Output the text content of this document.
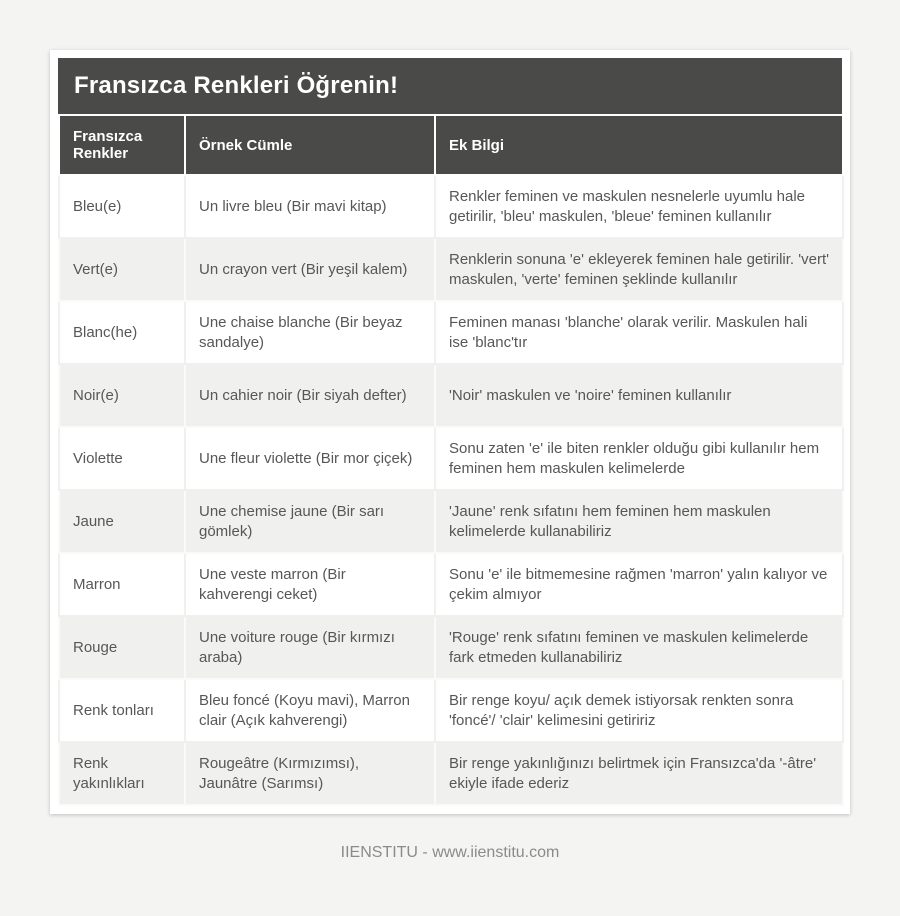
Fransızca Renkleri Öğrenin!
Fransızca Renkler	Örnek Cümle	Ek Bilgi
Bleu(e)	Un livre bleu (Bir mavi kitap)	Renkler feminen ve maskulen nesnelerle uyumlu hale getirilir, 'bleu' maskulen, 'bleue' feminen kullanılır
Vert(e)	Un crayon vert (Bir yeşil kalem)	Renklerin sonuna 'e' ekleyerek feminen hale getirilir. 'vert' maskulen, 'verte' feminen şeklinde kullanılır
Blanc(he)	Une chaise blanche (Bir beyaz sandalye)	Feminen manası 'blanche' olarak verilir. Maskulen hali ise 'blanc'tır
Noir(e)	Un cahier noir (Bir siyah defter)	'Noir' maskulen ve 'noire' feminen kullanılır
Violette	Une fleur violette (Bir mor çiçek)	Sonu zaten 'e' ile biten renkler olduğu gibi kullanılır hem feminen hem maskulen kelimelerde
Jaune	Une chemise jaune (Bir sarı gömlek)	'Jaune' renk sıfatını hem feminen hem maskulen kelimelerde kullanabiliriz
Marron	Une veste marron (Bir kahverengi ceket)	Sonu 'e' ile bitmemesine rağmen 'marron' yalın kalıyor ve çekim almıyor
Rouge	Une voiture rouge (Bir kırmızı araba)	'Rouge' renk sıfatını feminen ve maskulen kelimelerde fark etmeden kullanabiliriz
Renk tonları	Bleu foncé (Koyu mavi), Marron clair (Açık kahverengi)	Bir renge koyu/ açık demek istiyorsak renkten sonra 'foncé'/ 'clair' kelimesini getiririz
Renk yakınlıkları	Rougeâtre (Kırmızımsı), Jaunâtre (Sarımsı)	Bir renge yakınlığınızı belirtmek için Fransızca'da '-âtre' ekiyle ifade ederiz
IIENSTITU - www.iienstitu.com
